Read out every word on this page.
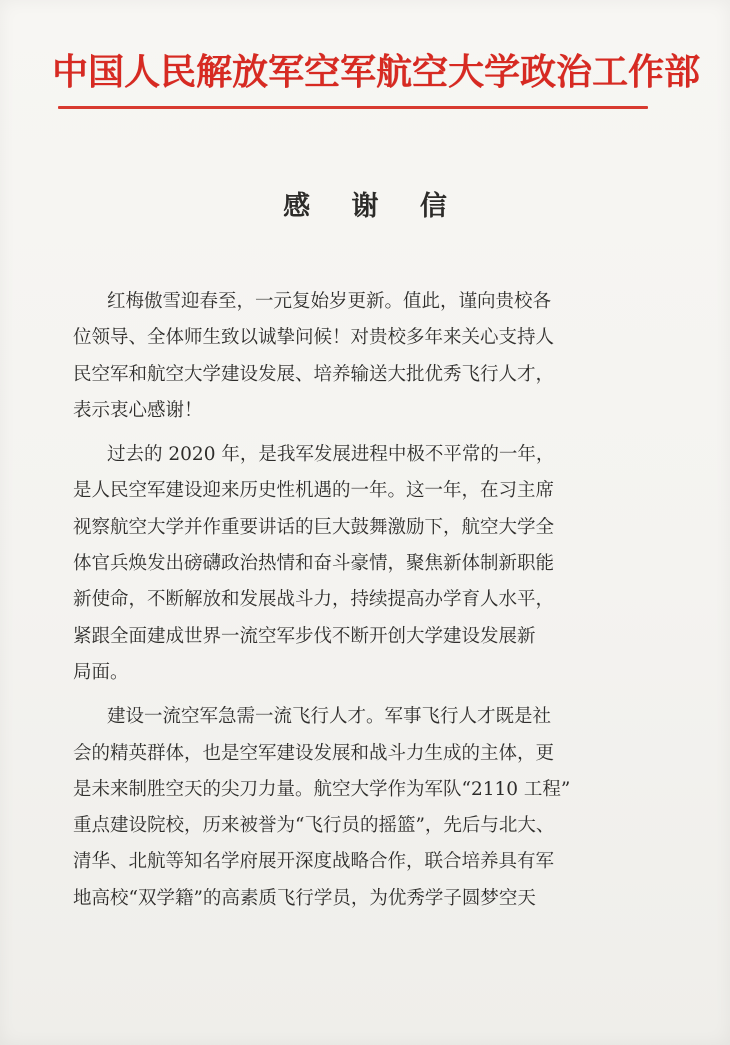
中国人民解放军空军航空大学政治工作部
感 谢 信
红梅傲雪迎春至，一元复始岁更新。值此，谨向贵校各
位领导、全体师生致以诚挚问候！对贵校多年来关心支持人
民空军和航空大学建设发展、培养输送大批优秀飞行人才，
表示衷心感谢！
过去的 2020 年，是我军发展进程中极不平常的一年，
是人民空军建设迎来历史性机遇的一年。这一年，在习主席
视察航空大学并作重要讲话的巨大鼓舞激励下，航空大学全
体官兵焕发出磅礴政治热情和奋斗豪情，聚焦新体制新职能
新使命，不断解放和发展战斗力，持续提高办学育人水平，
紧跟全面建成世界一流空军步伐不断开创大学建设发展新
局面。
建设一流空军急需一流飞行人才。军事飞行人才既是社
会的精英群体，也是空军建设发展和战斗力生成的主体，更
是未来制胜空天的尖刀力量。航空大学作为军队“2110 工程”
重点建设院校，历来被誉为“飞行员的摇篮”，先后与北大、
清华、北航等知名学府展开深度战略合作，联合培养具有军
地高校“双学籍”的高素质飞行学员，为优秀学子圆梦空天
